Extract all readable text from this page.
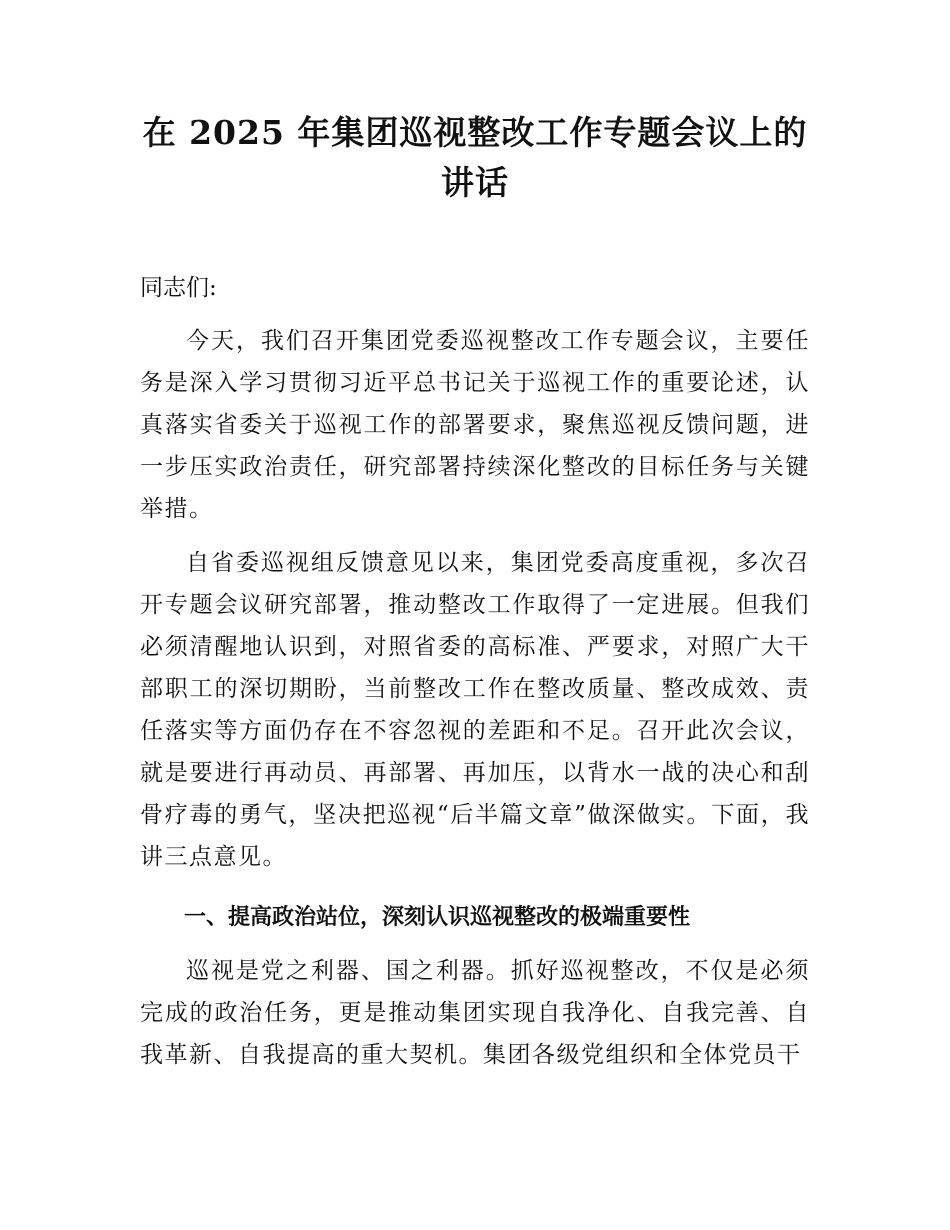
在 2025 年集团巡视整改工作专题会议上的讲话

同志们:

今天，我们召开集团党委巡视整改工作专题会议，主要任务是深入学习贯彻习近平总书记关于巡视工作的重要论述，认真落实省委关于巡视工作的部署要求，聚焦巡视反馈问题，进一步压实政治责任，研究部署持续深化整改的目标任务与关键举措。

自省委巡视组反馈意见以来，集团党委高度重视，多次召开专题会议研究部署，推动整改工作取得了一定进展。但我们必须清醒地认识到，对照省委的高标准、严要求，对照广大干部职工的深切期盼，当前整改工作在整改质量、整改成效、责任落实等方面仍存在不容忽视的差距和不足。召开此次会议，就是要进行再动员、再部署、再加压，以背水一战的决心和刮骨疗毒的勇气，坚决把巡视“后半篇文章”做深做实。下面，我讲三点意见。

一、提高政治站位，深刻认识巡视整改的极端重要性

巡视是党之利器、国之利器。抓好巡视整改，不仅是必须完成的政治任务，更是推动集团实现自我净化、自我完善、自我革新、自我提高的重大契机。集团各级党组织和全体党员干
